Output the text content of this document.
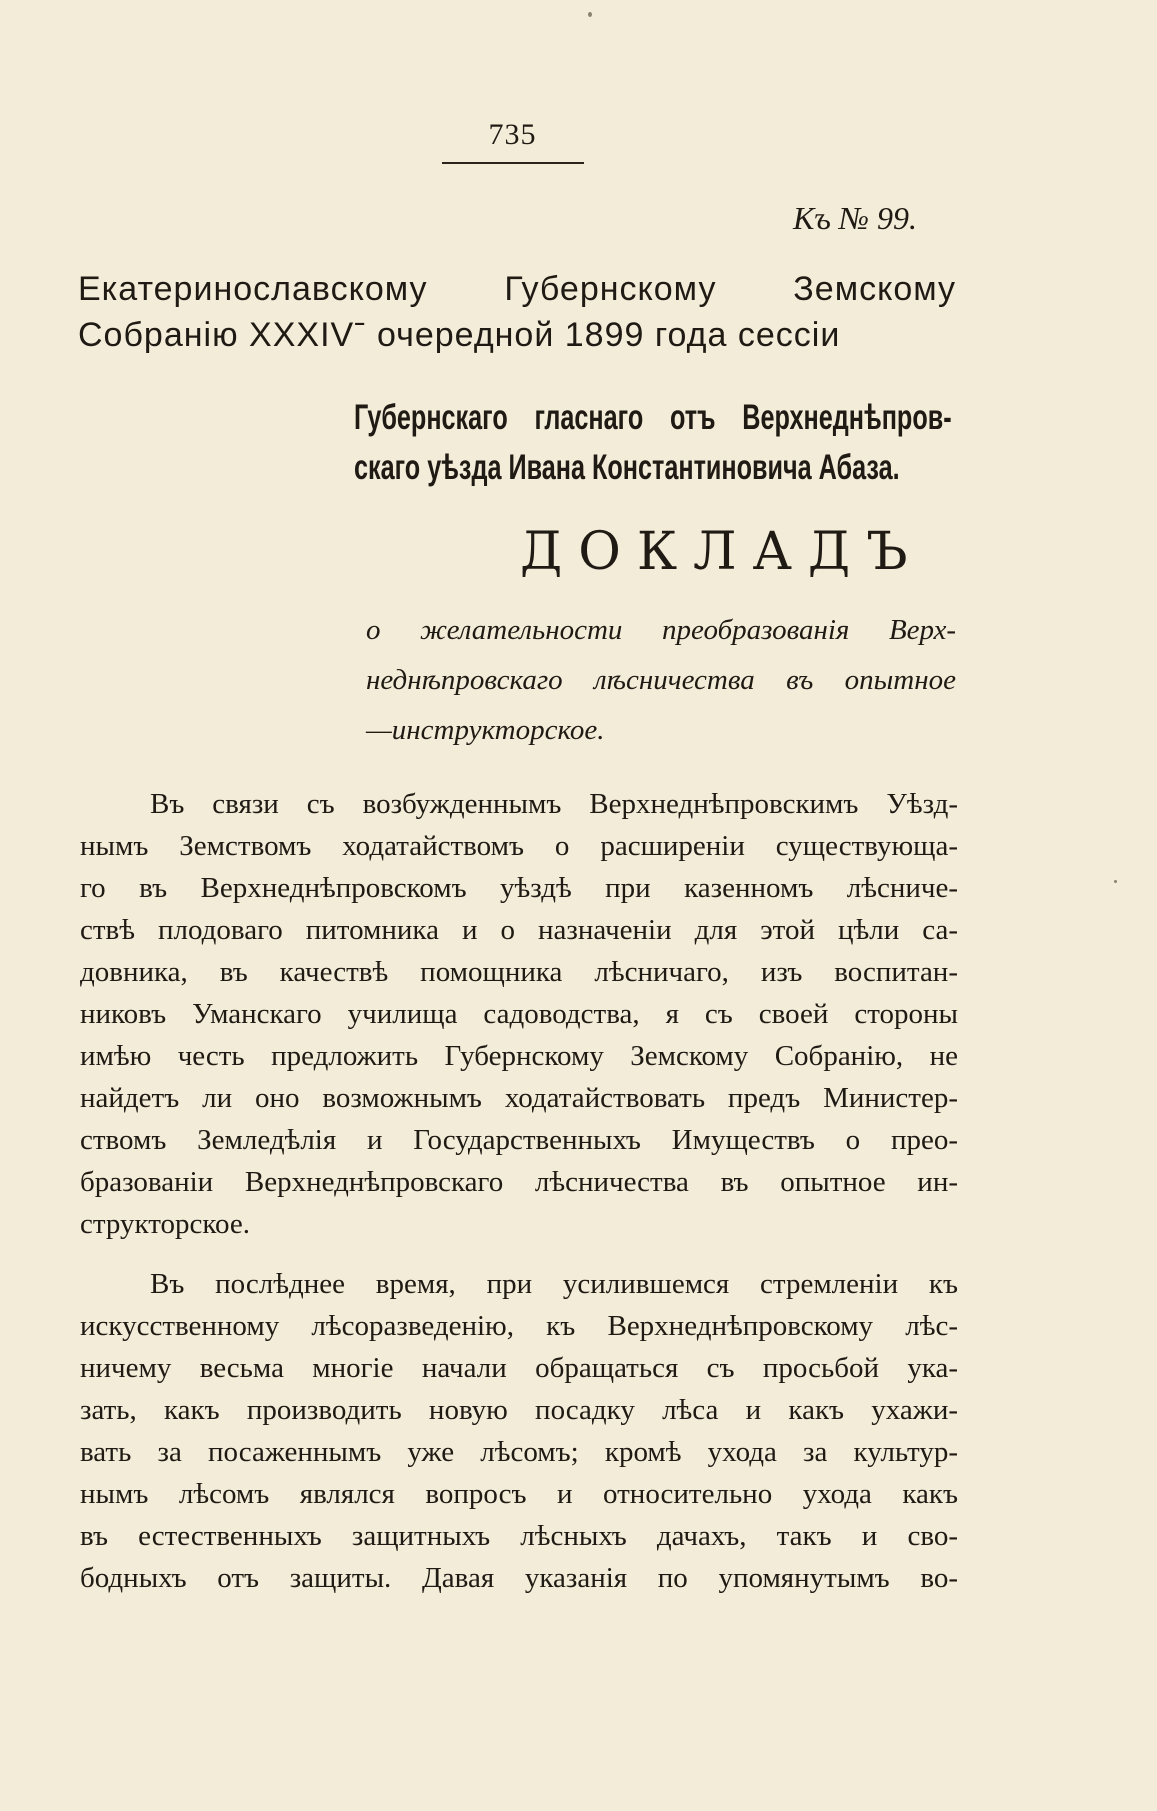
735
Къ № 99.
Екатеринославскому Губернскому Земскому
Собранію XXXIVˉ очередной 1899 года сессіи
Губернскаго гласнаго отъ Верхнеднѣпров-
скаго уѣзда Ивана Константиновича Абаза.
ДОКЛАДЪ
о желательности преобразованія Верх-
неднѣпровскаго лѣсничества въ опытное
—инструкторское.
Въ связи съ возбужденнымъ Верхнеднѣпровскимъ Уѣзд-
нымъ Земствомъ ходатайствомъ о расширеніи существующа-
го въ Верхнеднѣпровскомъ уѣздѣ при казенномъ лѣсниче-
ствѣ плодоваго питомника и о назначеніи для этой цѣли са-
довника, въ качествѣ помощника лѣсничаго, изъ воспитан-
никовъ Уманскаго училища садоводства, я съ своей стороны
имѣю честь предложить Губернскому Земскому Собранію, не
найдетъ ли оно возможнымъ ходатайствовать предъ Министер-
ствомъ Земледѣлія и Государственныхъ Имуществъ о прео-
бразованіи Верхнеднѣпровскаго лѣсничества въ опытное ин-
структорское.
Въ послѣднее время, при усилившемся стремленіи къ
искусственному лѣсоразведенію, къ Верхнеднѣпровскому лѣс-
ничему весьма многіе начали обращаться съ просьбой ука-
зать, какъ производить новую посадку лѣса и какъ ухажи-
вать за посаженнымъ уже лѣсомъ; кромѣ ухода за культур-
нымъ лѣсомъ являлся вопросъ и относительно ухода какъ
въ естественныхъ защитныхъ лѣсныхъ дачахъ, такъ и сво-
бодныхъ отъ защиты. Давая указанія по упомянутымъ во-
